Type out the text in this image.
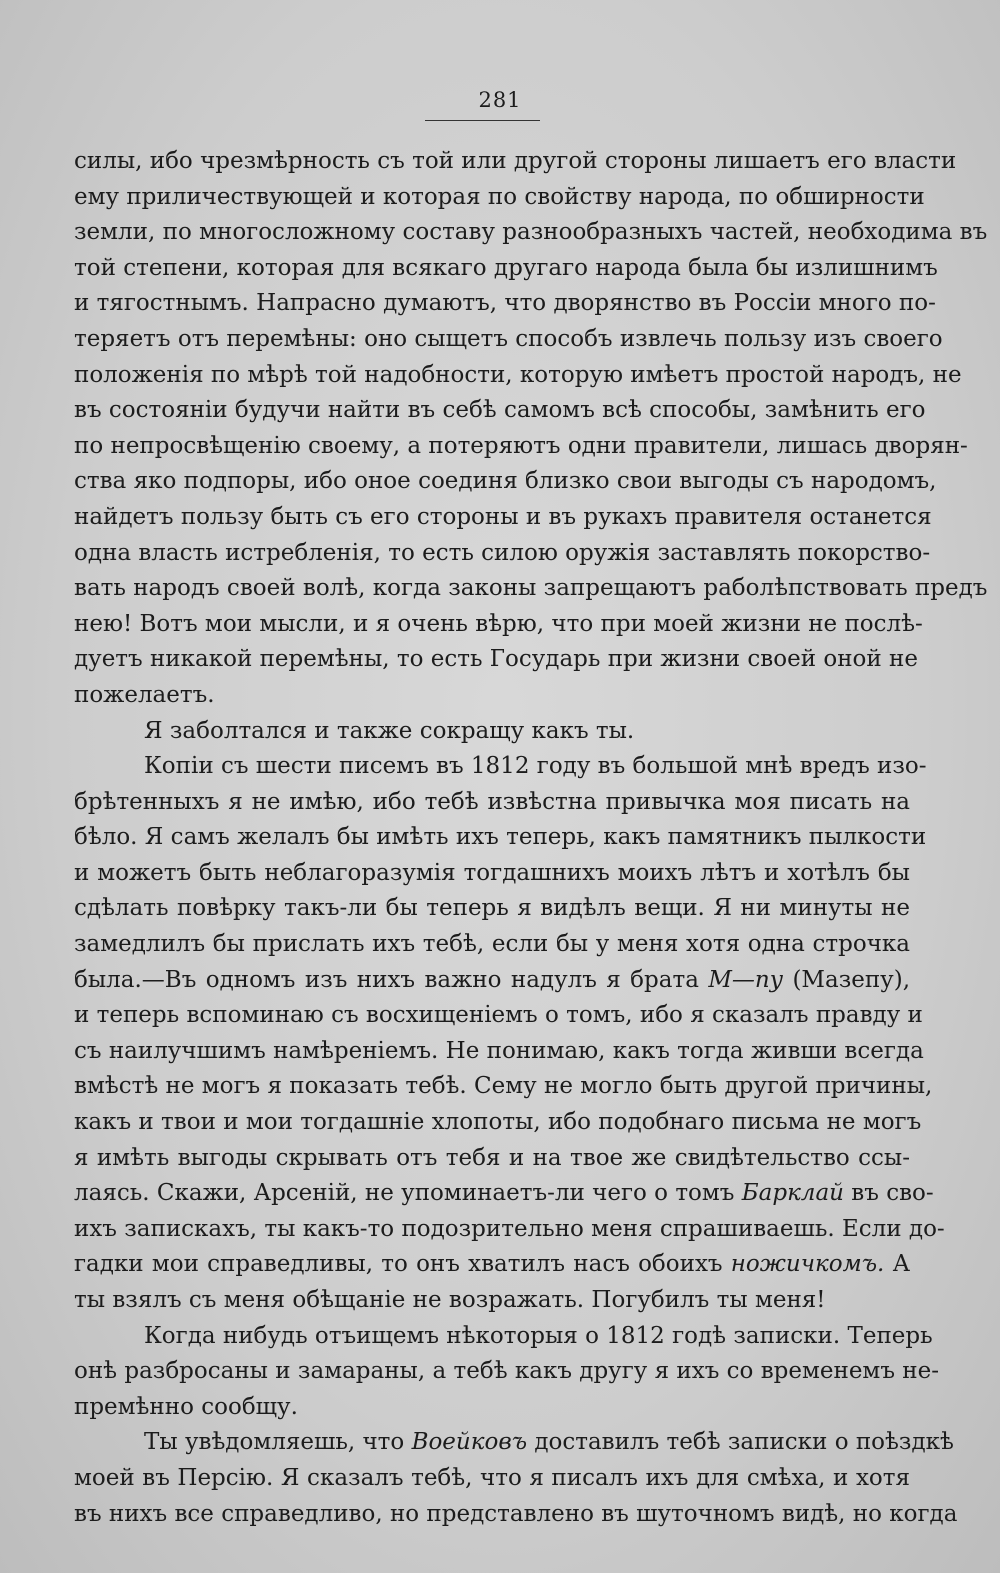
281
силы, ибо чрезмѣрность съ той или другой стороны лишаетъ его власти
ему приличествующей и которая по свойству народа, по обширности
земли, по многосложному составу разнообразныхъ частей, необходима въ
той степени, которая для всякаго другаго народа была бы излишнимъ
и тягостнымъ. Напрасно думаютъ, что дворянство въ Россіи много по-
теряетъ отъ перемѣны: оно сыщетъ способъ извлечь пользу изъ своего
положенія по мѣрѣ той надобности, которую имѣетъ простой народъ, не
въ состояніи будучи найти въ себѣ самомъ всѣ способы, замѣнить его
по непросвѣщенію своему, а потеряютъ одни правители, лишась дворян-
ства яко подпоры, ибо оное соединя близко свои выгоды съ народомъ,
найдетъ пользу быть съ его стороны и въ рукахъ правителя останется
одна власть истребленія, то есть силою оружія заставлять покорство-
вать народъ своей волѣ, когда законы запрещаютъ раболѣпствовать предъ
нею! Вотъ мои мысли, и я очень вѣрю, что при моей жизни не послѣ-
дуетъ никакой перемѣны, то есть Государь при жизни своей оной не
пожелаетъ.
Я заболтался и также сокращу какъ ты.
Копіи съ шести писемъ въ 1812 году въ большой мнѣ вредъ изо-
брѣтенныхъ я не имѣю, ибо тебѣ извѣстна привычка моя писать на
бѣло. Я самъ желалъ бы имѣть ихъ теперь, какъ памятникъ пылкости
и можетъ быть неблагоразумія тогдашнихъ моихъ лѣтъ и хотѣлъ бы
сдѣлать повѣрку такъ-ли бы теперь я видѣлъ вещи. Я ни минуты не
замедлилъ бы прислать ихъ тебѣ, если бы у меня хотя одна строчка
была.—Въ одномъ изъ нихъ важно надулъ я брата М—пу (Мазепу),
и теперь вспоминаю съ восхищеніемъ о томъ, ибо я сказалъ правду и
съ наилучшимъ намѣреніемъ. Не понимаю, какъ тогда живши всегда
вмѣстѣ не могъ я показать тебѣ. Сему не могло быть другой причины,
какъ и твои и мои тогдашніе хлопоты, ибо подобнаго письма не могъ
я имѣть выгоды скрывать отъ тебя и на твое же свидѣтельство ссы-
лаясь. Скажи, Арсеній, не упоминаетъ-ли чего о томъ Барклай въ сво-
ихъ запискахъ, ты какъ-то подозрительно меня спрашиваешь. Если до-
гадки мои справедливы, то онъ хватилъ насъ обоихъ ножичкомъ. А
ты взялъ съ меня обѣщаніе не возражать. Погубилъ ты меня!
Когда нибудь отъищемъ нѣкоторыя о 1812 годѣ записки. Теперь
онѣ разбросаны и замараны, а тебѣ какъ другу я ихъ со временемъ не-
премѣнно сообщу.
Ты увѣдомляешь, что Воейковъ доставилъ тебѣ записки о поѣздкѣ
моей въ Персію. Я сказалъ тебѣ, что я писалъ ихъ для смѣха, и хотя
въ нихъ все справедливо, но представлено въ шуточномъ видѣ, но когда
